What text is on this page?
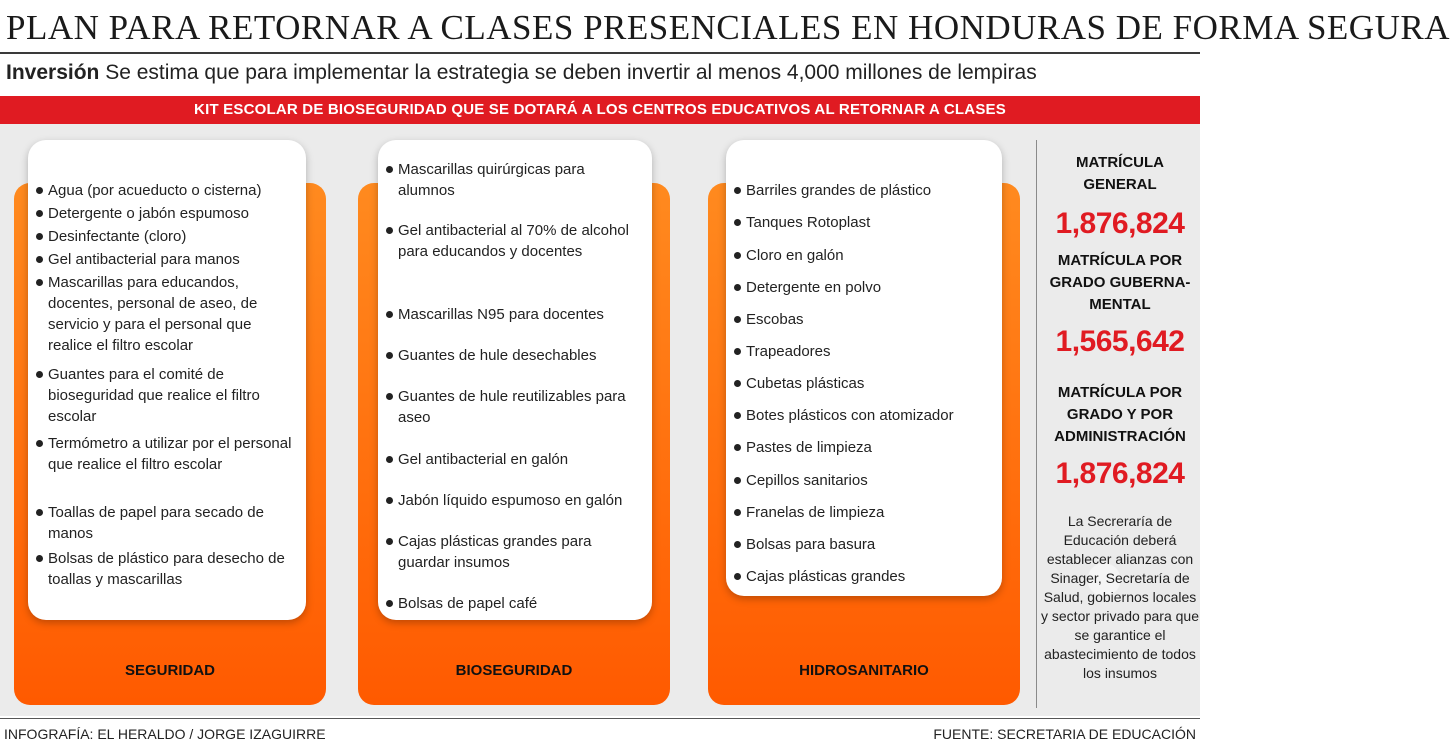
PLAN PARA RETORNAR A CLASES PRESENCIALES EN HONDURAS DE FORMA SEGURA
Inversión Se estima que para implementar la estrategia se deben invertir al menos 4,000 millones de lempiras
KIT ESCOLAR DE BIOSEGURIDAD QUE SE DOTARÁ A LOS CENTROS EDUCATIVOS AL RETORNAR A CLASES
Agua (por acueducto o cisterna)
Detergente o jabón espumoso
Desinfectante (cloro)
Gel antibacterial para manos
Mascarillas para educandos, docentes, personal de aseo, de servicio y para el personal que realice el filtro escolar
Guantes para el comité de bioseguridad que realice el filtro escolar
Termómetro a utilizar por el personal que realice el filtro escolar
Toallas de papel para secado de manos
Bolsas de plástico para desecho de toallas y mascarillas
SEGURIDAD
Mascarillas quirúrgicas para alumnos
Gel antibacterial al 70% de alcohol para educandos y docentes
Mascarillas N95 para docentes
Guantes de hule desechables
Guantes de hule reutilizables para aseo
Gel antibacterial en galón
Jabón líquido espumoso en galón
Cajas plásticas grandes para guardar insumos
Bolsas de papel café
BIOSEGURIDAD
Barriles grandes de plástico
Tanques Rotoplast
Cloro en galón
Detergente en polvo
Escobas
Trapeadores
Cubetas plásticas
Botes plásticos con atomizador
Pastes de limpieza
Cepillos sanitarios
Franelas de limpieza
Bolsas para basura
Cajas plásticas grandes
HIDROSANITARIO
MATRÍCULA GENERAL
1,876,824
MATRÍCULA POR GRADO GUBERNA- MENTAL
1,565,642
MATRÍCULA POR GRADO Y POR ADMINISTRACIÓN
1,876,824
La Secreraría de Educación deberá establecer alianzas con Sinager, Secretaría de Salud, gobiernos locales y sector privado para que se garantice el abastecimiento de todos los insumos
INFOGRAFÍA: EL HERALDO / JORGE IZAGUIRRE	FUENTE: SECRETARIA DE EDUCACIÓN
